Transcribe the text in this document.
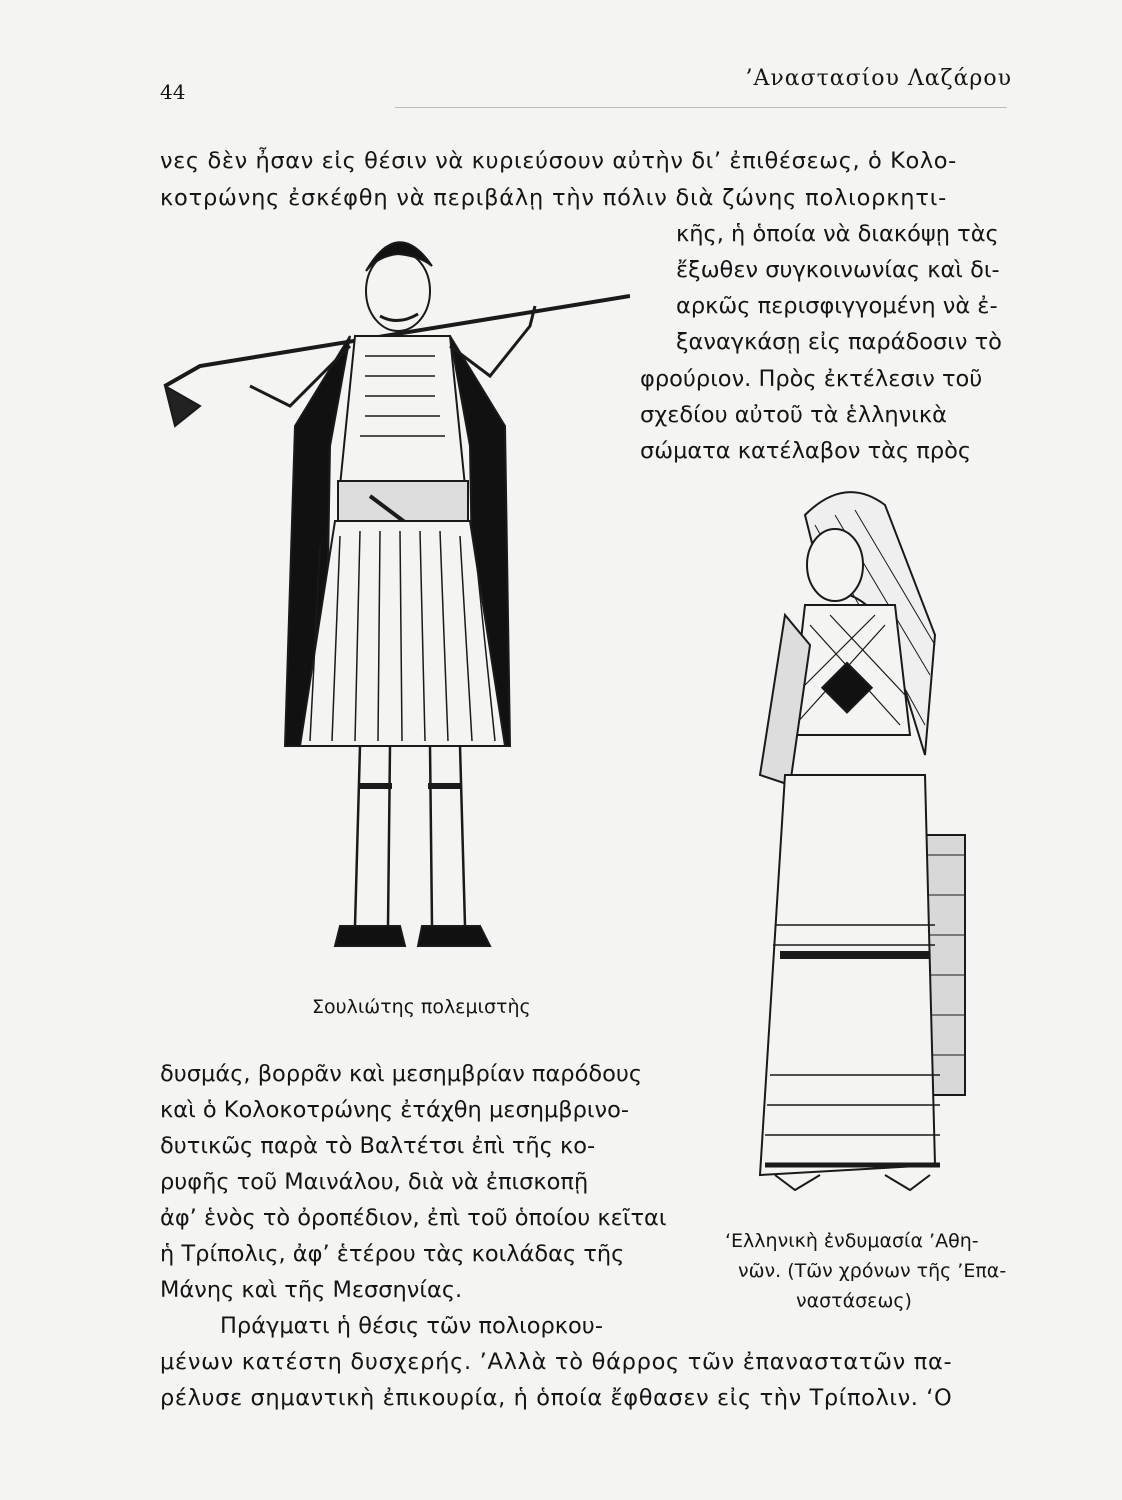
44
’Αναστασίου Λαζάρου
νες δὲν ἦσαν εἰς θέσιν νὰ κυριεύσουν αὐτὴν δι’ ἐπιθέσεως, ὁ Κολο-
κοτρώνης ἐσκέφθη νὰ περιβάλῃ τὴν πόλιν διὰ ζώνης πολιορκητι-
κῆς, ἡ ὁποία νὰ διακόψῃ τὰς
ἔξωθεν συγκοινωνίας καὶ δι-
αρκῶς περισφιγγομένη νὰ ἐ-
ξαναγκάσῃ εἰς παράδοσιν τὸ
φρούριον. Πρὸς ἐκτέλεσιν τοῦ
σχεδίου αὐτοῦ τὰ ἑλληνικὰ
σώματα κατέλαβον τὰς πρὸς
Σουλιώτης πολεμιστὴς
δυσμάς, βορρᾶν καὶ μεσημβρίαν παρόδους
καὶ ὁ Κολοκοτρώνης ἐτάχθη μεσημβρινο-
δυτικῶς παρὰ τὸ Βαλτέτσι ἐπὶ τῆς κο-
ρυφῆς τοῦ Μαινάλου, διὰ νὰ ἐπισκοπῇ
ἀφ’ ἑνὸς τὸ ὀροπέδιον, ἐπὶ τοῦ ὁποίου κεῖται
ἡ Τρίπολις, ἀφ’ ἑτέρου τὰς κοιλάδας τῆς
Μάνης καὶ τῆς Μεσσηνίας.
Πράγματι ἡ θέσις τῶν πολιορκου-
‘Ελληνικὴ ἐνδυμασία ’Αθη-
νῶν. (Τῶν χρόνων τῆς ’Επα-
ναστάσεως)
μένων κατέστη δυσχερής. ’Αλλὰ τὸ θάρρος τῶν ἐπαναστατῶν πα-
ρέλυσε σημαντικὴ ἐπικουρία, ἡ ὁποία ἔφθασεν εἰς τὴν Τρίπολιν. ‘Ο
